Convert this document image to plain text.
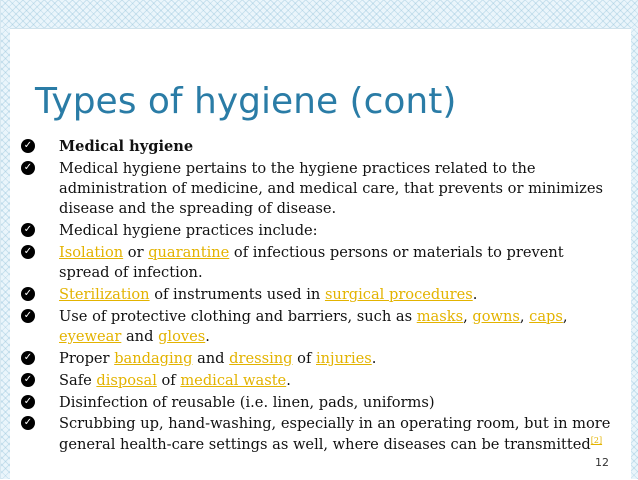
Types of hygiene (cont)
✓ Medical hygiene
✓ Medical hygiene pertains to the hygiene practices related to the administration of medicine, and medical care, that prevents or minimizes disease and the spreading of disease.
✓ Medical hygiene practices include:
✓ Isolation or quarantine of infectious persons or materials to prevent spread of infection.
✓ Sterilization of instruments used in surgical procedures.
✓ Use of protective clothing and barriers, such as masks, gowns, caps, eyewear and gloves.
✓ Proper bandaging and dressing of injuries.
✓ Safe disposal of medical waste.
✓ Disinfection of reusable (i.e. linen, pads, uniforms)
✓ Scrubbing up, hand-washing, especially in an operating room, but in more general health-care settings as well, where diseases can be transmitted[2]
12
